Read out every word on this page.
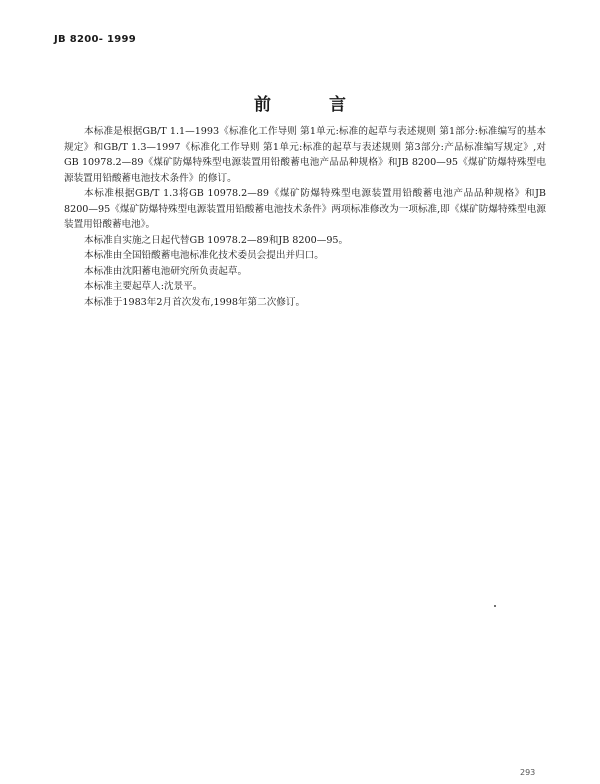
JB 8200- 1999
前 言

本标准是根据GB/T 1.1—1993《标准化工作导则 第1单元:标准的起草与表述规则 第1部分:标准编写的基本规定》和GB/T 1.3—1997《标准化工作导则 第1单元:标准的起草与表述规则 第3部分:产品标准编写规定》,对GB 10978.2—89《煤矿防爆特殊型电源装置用铅酸蓄电池产品品种规格》和JB 8200—95《煤矿防爆特殊型电源装置用铅酸蓄电池技术条件》的修订。

本标准根据GB/T 1.3将GB 10978.2—89《煤矿防爆特殊型电源装置用铅酸蓄电池产品品种规格》和JB 8200—95《煤矿防爆特殊型电源装置用铅酸蓄电池技术条件》两项标准修改为一项标准,即《煤矿防爆特殊型电源装置用铅酸蓄电池》。

本标准自实施之日起代替GB 10978.2—89和JB 8200—95。

本标准由全国铅酸蓄电池标准化技术委员会提出并归口。

本标准由沈阳蓄电池研究所负责起草。

本标准主要起草人:沈景平。

本标准于1983年2月首次发布,1998年第二次修订。

293
